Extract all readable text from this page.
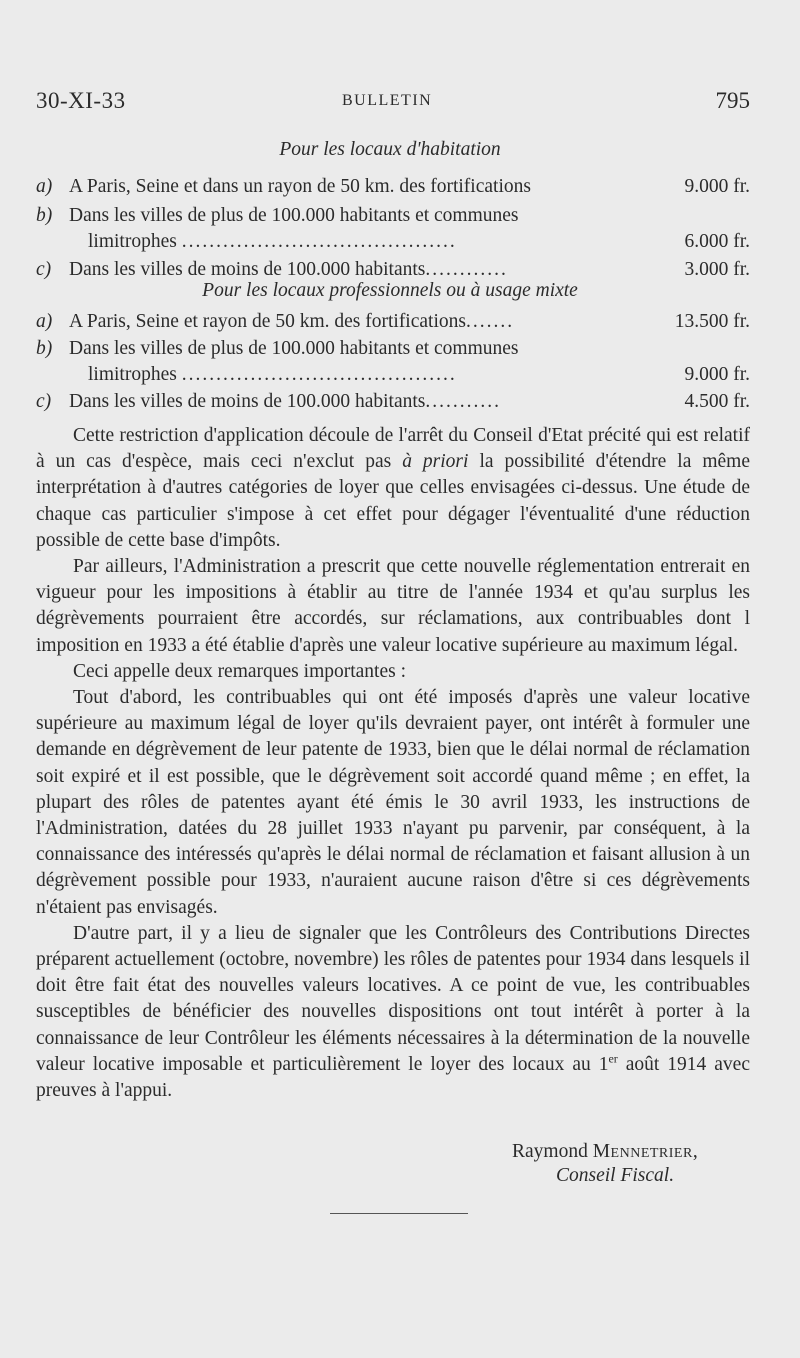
30-XI-33	BULLETIN	795
Pour les locaux d'habitation
a) A Paris, Seine et dans un rayon de 50 km. des fortifications	9.000 fr.
b) Dans les villes de plus de 100.000 habitants et communes
limitrophes ........................................	6.000 fr.
c) Dans les villes de moins de 100.000 habitants............	3.000 fr.
Pour les locaux professionnels ou à usage mixte
a) A Paris, Seine et rayon de 50 km. des fortifications.......	13.500 fr.
b) Dans les villes de plus de 100.000 habitants et communes
limitrophes ........................................	9.000 fr.
c) Dans les villes de moins de 100.000 habitants...........	4.500 fr.

Cette restriction d'application découle de l'arrêt du Conseil d'Etat précité qui est relatif à un cas d'espèce, mais ceci n'exclut pas à priori la possibilité d'étendre la même interprétation à d'autres catégories de loyer que celles envisagées ci-dessus. Une étude de chaque cas particulier s'impose à cet effet pour dégager l'éventualité d'une réduction possible de cette base d'impôts.

Par ailleurs, l'Administration a prescrit que cette nouvelle réglementation entrerait en vigueur pour les impositions à établir au titre de l'année 1934 et qu'au surplus les dégrèvements pourraient être accordés, sur réclamations, aux contribuables dont l imposition en 1933 a été établie d'après une valeur locative supérieure au maximum légal.

Ceci appelle deux remarques importantes :

Tout d'abord, les contribuables qui ont été imposés d'après une valeur locative supérieure au maximum légal de loyer qu'ils devraient payer, ont intérêt à formuler une demande en dégrèvement de leur patente de 1933, bien que le délai normal de réclamation soit expiré et il est possible, que le dégrèvement soit accordé quand même ; en effet, la plupart des rôles de patentes ayant été émis le 30 avril 1933, les instructions de l'Administration, datées du 28 juillet 1933 n'ayant pu parvenir, par conséquent, à la connaissance des intéressés qu'après le délai normal de réclamation et faisant allusion à un dégrèvement possible pour 1933, n'auraient aucune raison d'être si ces dégrèvements n'étaient pas envisagés.

D'autre part, il y a lieu de signaler que les Contrôleurs des Contributions Directes préparent actuellement (octobre, novembre) les rôles de patentes pour 1934 dans lesquels il doit être fait état des nouvelles valeurs locatives. A ce point de vue, les contribuables susceptibles de bénéficier des nouvelles dispositions ont tout intérêt à porter à la connaissance de leur Contrôleur les éléments nécessaires à la détermination de la nouvelle valeur locative imposable et particulièrement le loyer des locaux au 1er août 1914 avec preuves à l'appui.

Raymond Mennetrier,
Conseil Fiscal.
